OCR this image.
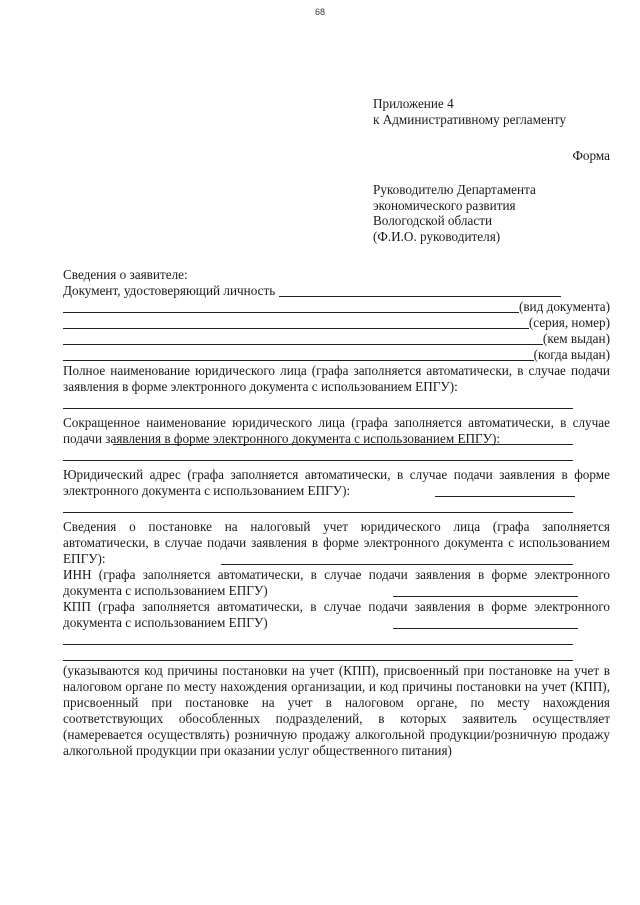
68
Приложение 4
к Административному регламенту
Форма
Руководителю Департамента
экономического развития
Вологодской области
(Ф.И.О. руководителя)
Сведения о заявителе:
Документ, удостоверяющий личность
(вид документа)
(серия, номер)
(кем выдан)
(когда выдан)

Полное наименование юридического лица (графа заполняется автоматически, в случае подачи заявления в форме электронного документа с использованием ЕПГУ):

Сокращенное наименование юридического лица (графа заполняется автоматически, в случае подачи заявления в форме электронного документа с использованием ЕПГУ):

Юридический адрес (графа заполняется автоматически, в случае подачи заявления в форме электронного документа с использованием ЕПГУ):

Сведения о постановке на налоговый учет юридического лица (графа заполняется автоматически, в случае подачи заявления в форме электронного документа с использованием ЕПГУ):

ИНН (графа заполняется автоматически, в случае подачи заявления в форме электронного документа с использованием ЕПГУ)

КПП (графа заполняется автоматически, в случае подачи заявления в форме электронного документа с использованием ЕПГУ)

(указываются код причины постановки на учет (КПП), присвоенный при постановке на учет в налоговом органе по месту нахождения организации, и код причины постановки на учет (КПП), присвоенный при постановке на учет в налоговом органе, по месту нахождения соответствующих обособленных подразделений, в которых заявитель осуществляет (намеревается осуществлять) розничную продажу алкогольной продукции/розничную продажу алкогольной продукции при оказании услуг общественного питания)
